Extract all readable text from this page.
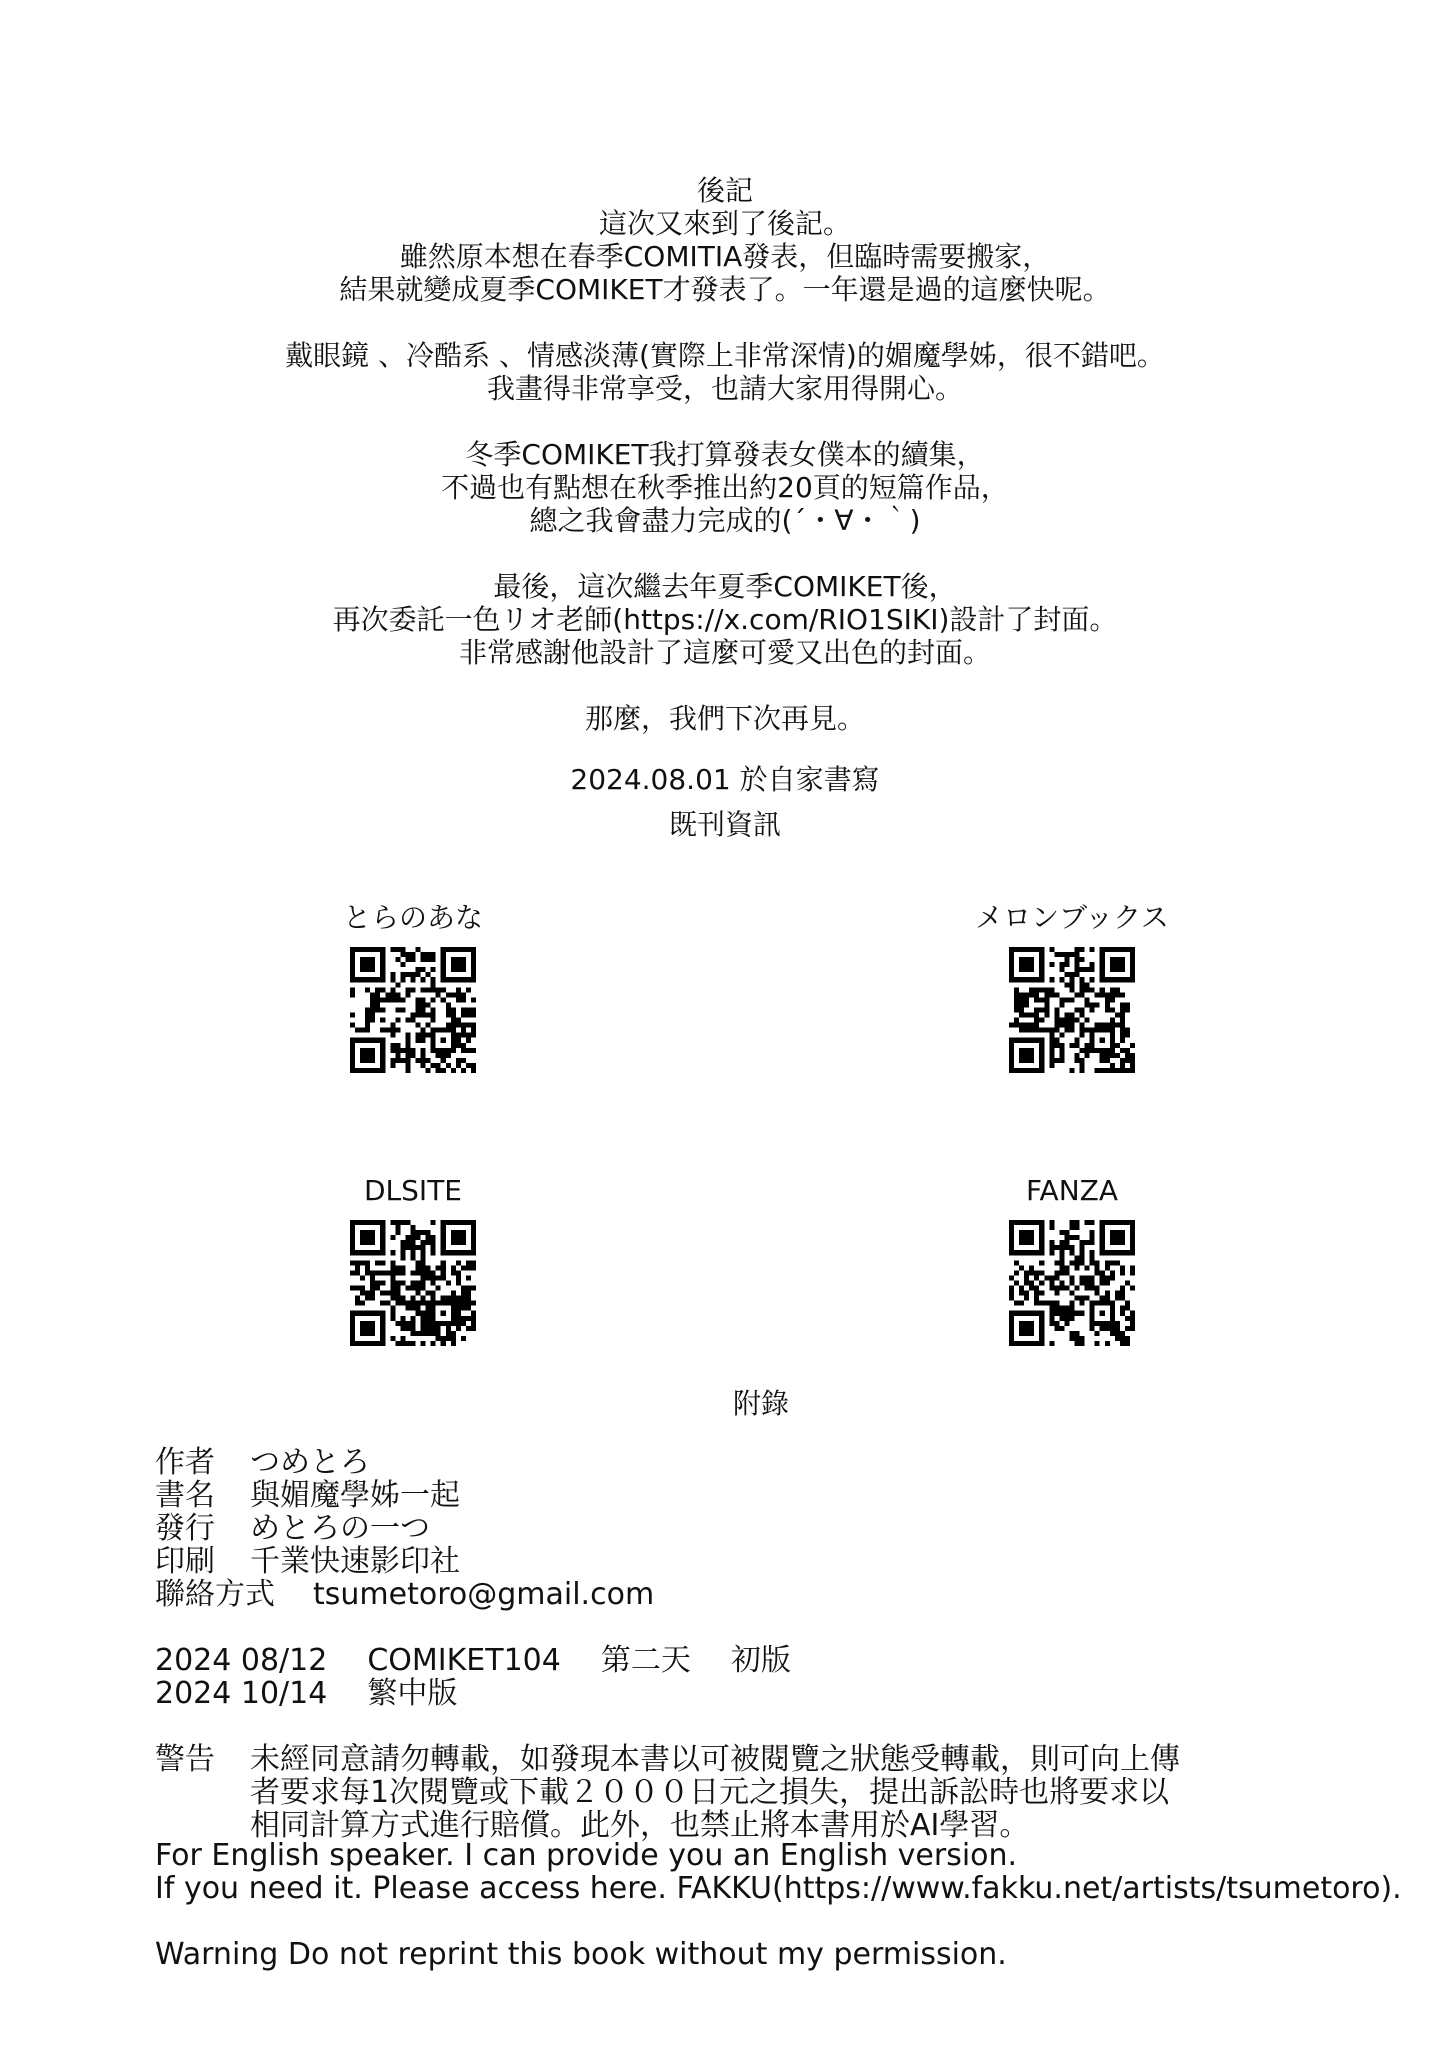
後記

這次又來到了後記。
雖然原本想在春季COMITIA發表，但臨時需要搬家，
結果就變成夏季COMIKET才發表了。一年還是過的這麼快呢。

戴眼鏡 、冷酷系 、情感淡薄(實際上非常深情)的媚魔學姊，很不錯吧。
我畫得非常享受，也請大家用得開心。

冬季COMIKET我打算發表女僕本的續集，
不過也有點想在秋季推出約20頁的短篇作品，
總之我會盡力完成的(´・∀・｀)

最後，這次繼去年夏季COMIKET後，
再次委託一色リオ老師(https://x.com/RIO1SIKI)設計了封面。
非常感謝他設計了這麼可愛又出色的封面。

那麼，我們下次再見。

2024.08.01 於自家書寫

既刊資訊
とらのあな	メロンブックス
DLSITE	FANZA
附錄
作者 つめとろ
書名 與媚魔學姊一起
發行 めとろの一つ
印刷 千業快速影印社
聯絡方式 tsumetoro@gmail.com
2024 08/12 COMIKET104 第二天 初版
2024 10/14 繁中版
警告	未經同意請勿轉載，如發現本書以可被閱覽之狀態受轉載，則可向上傳
者要求每1次閱覽或下載２０００日元之損失，提出訴訟時也將要求以
相同計算方式進行賠償。此外，也禁止將本書用於AI學習。
For English speaker. I can provide you an English version.
If you need it. Please access here. FAKKU(https://www.fakku.net/artists/tsumetoro).
Warning Do not reprint this book without my permission.
